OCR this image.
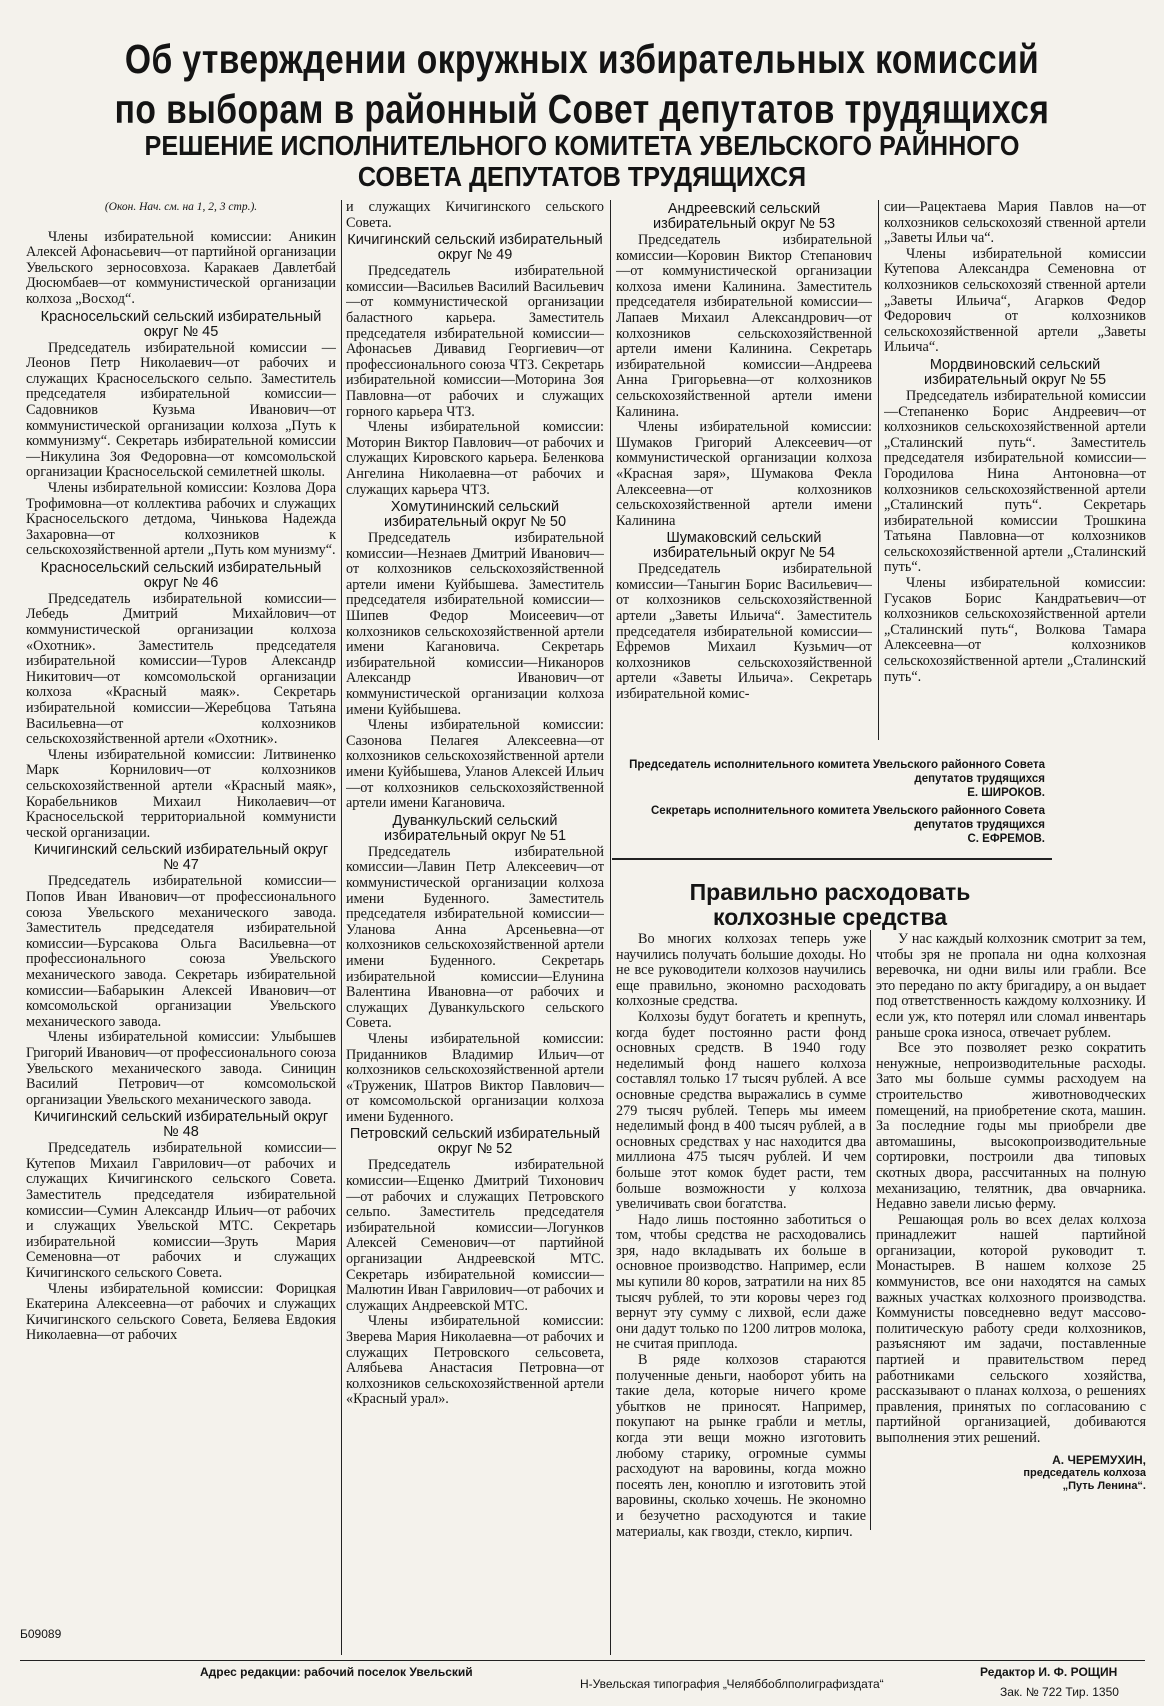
Об утверждении окружных избирательных комиссий
по выборам в районный Совет депутатов трудящихся
РЕШЕНИЕ ИСПОЛНИТЕЛЬНОГО КОМИТЕТА УВЕЛЬСКОГО РАЙННОГО
СОВЕТА ДЕПУТАТОВ ТРУДЯЩИХСЯ

(Окон. Нач. см. на 1, 2, 3 стр.).

Члены избирательной комиссии: Аникин Алексей Афонасьевич—от партийной организации Увельского зерносовхоза. Каракаев Давлетбай Дюсюмбаев—от коммунистической организации колхоза „Восход“.

Красносельский сельский избирательный округ № 45

Председатель избирательной комиссии — Леонов Петр Николаевич—от рабочих и служащих Красносельского сельпо. Заместитель председателя избирательной комиссии—Садовников Кузьма Иванович—от коммунистической организации колхоза „Путь к коммунизму“. Секретарь избирательной комиссии—Никулина Зоя Федоровна—от комсомольской организации Красносельской семилетней школы.

Члены избирательной комиссии: Козлова Дора Трофимовна—от коллектива рабочих и служащих Красносельского детдома, Чинькова Надежда Захаровна—от колхозников к сельскохозяйственной артели „Путь ком мунизму“.

Красносельский сельский избирательный округ № 46

Председатель избирательной комиссии—Лебедь Дмитрий Михайлович—от коммунистической организации колхоза «Охотник». Заместитель председателя избирательной комиссии—Туров Александр Никитович—от комсомольской организации колхоза «Красный маяк». Секретарь избирательной комиссии—Жеребцова Татьяна Васильевна—от колхозников сельскохозяйственной артели «Охотник».

Члены избирательной комиссии: Литвиненко Марк Корнилович—от колхозников сельскохозяйственной артели «Красный маяк», Корабельников Михаил Николаевич—от Красносельской территориальной коммунисти ческой организации.

Кичигинский сельский избирательный округ № 47

Председатель избирательной комиссии—Попов Иван Иванович—от профессионального союза Увельского механического завода. Заместитель председателя избирательной комиссии—Бурсакова Ольга Васильевна—от профессионального союза Увельского механического завода. Секретарь избирательной комиссии—Бабарыкин Алексей Иванович—от комсомольской организации Увельского механического завода.

Члены избирательной комиссии: Улыбышев Григорий Иванович—от профессионального союза Увельского механического завода. Синицин Василий Петрович—от комсомольской организации Увельского механического завода.

Кичигинский сельский избирательный округ № 48

Председатель избирательной комиссии—Кутепов Михаил Гаврилович—от рабочих и служащих Кичигинского сельского Совета. Заместитель председателя избирательной комиссии—Сумин Александр Ильич—от рабочих и служащих Увельской МТС. Секретарь избирательной комиссии—Зруть Мария Семеновна—от рабочих и служащих Кичигинского сельского Совета.

Члены избирательной комиссии: Форицкая Екатерина Алексеевна—от рабочих и служащих Кичигинского сельского Совета, Беляева Евдокия Николаевна—от рабочих

и служащих Кичигинского сельского Совета.

Кичигинский сельский избирательный округ № 49

Председатель избирательной комиссии—Васильев Василий Васильевич—от коммунистической организации баластного карьера. Заместитель председателя избирательной комиссии—Афонасьев Дивавид Георгиевич—от профессионального союза ЧТЗ. Секретарь избирательной комиссии—Моторина Зоя Павловна—от рабочих и служащих горного карьера ЧТЗ.

Члены избирательной комиссии: Моторин Виктор Павлович—от рабочих и служащих Кировского карьера. Беленкова Ангелина Николаевна—от рабочих и служащих карьера ЧТЗ.

Хомутининский сельский избирательный округ № 50

Председатель избирательной комиссии—Незнаев Дмитрий Иванович—от колхозников сельскохозяйственной артели имени Куйбышева. Заместитель председателя избирательной комиссии—Шипев Федор Моисеевич—от колхозников сельскохозяйственной артели имени Кагановича. Секретарь избирательной комиссии—Никаноров Александр Иванович—от коммунистической организации колхоза имени Куйбышева.

Члены избирательной комиссии: Сазонова Пелагея Алексеевна—от колхозников сельскохозяйственной артели имени Куйбышева, Уланов Алексей Ильич—от колхозников сельскохозяйственной артели имени Кагановича.

Дуванкульский сельский избирательный округ № 51

Председатель избирательной комиссии—Лавин Петр Алексеевич—от коммунистической организации колхоза имени Буденного. Заместитель председателя избирательной комиссии—Уланова Анна Арсеньевна—от колхозников сельскохозяйственной артели имени Буденного. Секретарь избирательной комиссии—Елунина Валентина Ивановна—от рабочих и служащих Дуванкульского сельского Совета.

Члены избирательной комиссии: Приданников Владимир Ильич—от колхозников сельскохозяйственной артели «Труженик, Шатров Виктор Павлович—от комсомольской организации колхоза имени Буденного.

Петровский сельский избирательный округ № 52

Председатель избирательной комиссии—Ещенко Дмитрий Тихонович—от рабочих и служащих Петровского сельпо. Заместитель председателя избирательной комиссии—Логунков Алексей Семенович—от партийной организации Андреевской МТС. Секретарь избирательной комиссии—Малютин Иван Гаврилович—от рабочих и служащих Андреевской МТС.

Члены избирательной комиссии: Зверева Мария Николаевна—от рабочих и служащих Петровского сельсовета, Алябьева Анастасия Петровна—от колхозников сельскохозяйственной артели «Красный урал».

Андреевский сельский избирательный округ № 53

Председатель избирательной комиссии—Коровин Виктор Степанович—от коммунистической организации колхоза имени Калинина. Заместитель председателя избирательной комиссии—Лапаев Михаил Александрович—от колхозников сельскохозяйственной артели имени Калинина. Секретарь избирательной комиссии—Андреева Анна Григорьевна—от колхозников сельскохозяйственной артели имени Калинина.

Члены избирательной комиссии: Шумаков Григорий Алексеевич—от коммунистической организации колхоза «Красная заря», Шумакова Фекла Алексеевна—от колхозников сельскохозяйственной артели имени Калинина

Шумаковский сельский избирательный округ № 54

Председатель избирательной комиссии—Таныгин Борис Васильевич—от колхозников сельскохозяйственной артели „Заветы Ильича“. Заместитель председателя избирательной комиссии—Ефремов Михаил Кузьмич—от колхозников сельскохозяйственной артели «Заветы Ильича». Секретарь избирательной комис-

сии—Рацектаева Мария Павлов на—от колхозников сельскохозяй ственной артели „Заветы Ильи ча“.

Члены избирательной комиссии Кутепова Александра Семеновна от колхозников сельскохозяй ственной артели „Заветы Ильича“, Агарков Федор Федорович от колхозников сельскохозяйственной артели „Заветы Ильича“.

Мордвиновский сельский избирательный округ № 55

Председатель избирательной комиссии—Степаненко Борис Андреевич—от колхозников сельскохозяйственной артели „Сталинский путь“. Заместитель председателя избирательной комиссии—Городилова Нина Антоновна—от колхозников сельскохозяйственной артели „Сталинский путь“. Секретарь избирательной комиссии Трошкина Татьяна Павловна—от колхозников сельскохозяйственной артели „Сталинский путь“.

Члены избирательной комиссии: Гусаков Борис Кандратьевич—от колхозников сельскохозяйственной артели „Сталинский путь“, Волкова Тамара Алексеевна—от колхозников сельскохозяйственной артели „Сталинский путь“.

Председатель исполнительного комитета Увельского районного Совета
депутатов трудящихся
Е. ШИРОКОВ.
Секретарь исполнительного комитета Увельского районного Совета
депутатов трудящихся
С. ЕФРЕМОВ.
Правильно расходовать
колхозные средства

Во многих колхозах теперь уже научились получать большие доходы. Но не все руководители колхозов научились еще правильно, экономно расходовать колхозные средства.

Колхозы будут богатеть и крепнуть, когда будет постоянно расти фонд основных средств. В 1940 году неделимый фонд нашего колхоза составлял только 17 тысяч рублей. А все основные средства выражались в сумме 279 тысяч рублей. Теперь мы имеем неделимый фонд в 400 тысяч рублей, а в основных средствах у нас находится два миллиона 475 тысяч рублей. И чем больше этот комок будет расти, тем больше возможности у колхоза увеличивать свои богатства.

Надо лишь постоянно заботиться о том, чтобы средства не расходовались зря, надо вкладывать их больше в основное производство. Например, если мы купили 80 коров, затратили на них 85 тысяч рублей, то эти коровы через год вернут эту сумму с лихвой, если даже они дадут только по 1200 литров молока, не считая приплода.

В ряде колхозов стараются полученные деньги, наоборот убить на такие дела, которые ничего кроме убытков не приносят. Например, покупают на рынке грабли и метлы, когда эти вещи можно изготовить любому старику, огромные суммы расходуют на варовины, когда можно посеять лен, коноплю и изготовить этой варовины, сколько хочешь. Не экономно и безучетно расходуются и такие материалы, как гвозди, стекло, кирпич.

У нас каждый колхозник смотрит за тем, чтобы зря не пропала ни одна колхозная веревочка, ни одни вилы или грабли. Все это передано по акту бригадиру, а он выдает под ответственность каждому колхознику. И если уж, кто потерял или сломал инвентарь раньше срока износа, отвечает рублем.

Все это позволяет резко сократить ненужные, непроизводительные расходы. Зато мы больше суммы расходуем на строительство животноводческих помещений, на приобретение скота, машин. За последние годы мы приобрели две автомашины, высокопроизводительные сортировки, построили два типовых скотных двора, рассчитанных на полную механизацию, телятник, два овчарника. Недавно завели лисью ферму.

Решающая роль во всех делах колхоза принадлежит нашей партийной организации, которой руководит т. Монастырев. В нашем колхозе 25 коммунистов, все они находятся на самых важных участках колхозного производства. Коммунисты повседневно ведут массово-политическую работу среди колхозников, разъясняют им задачи, поставленные партией и правительством перед работниками сельского хозяйства, рассказывают о планах колхоза, о решениях правления, принятых по согласованию с партийной организацией, добиваются выполнения этих решений.

А. ЧЕРЕМУХИН,

председатель колхоза

„Путь Ленина“.

Б09089
Адрес редакции: рабочий поселок Увельский
Н-Увельская типография „Челяббоблполиграфиздата“
Редактор И. Ф. РОЩИН
Зак. № 722 Тир. 1350
